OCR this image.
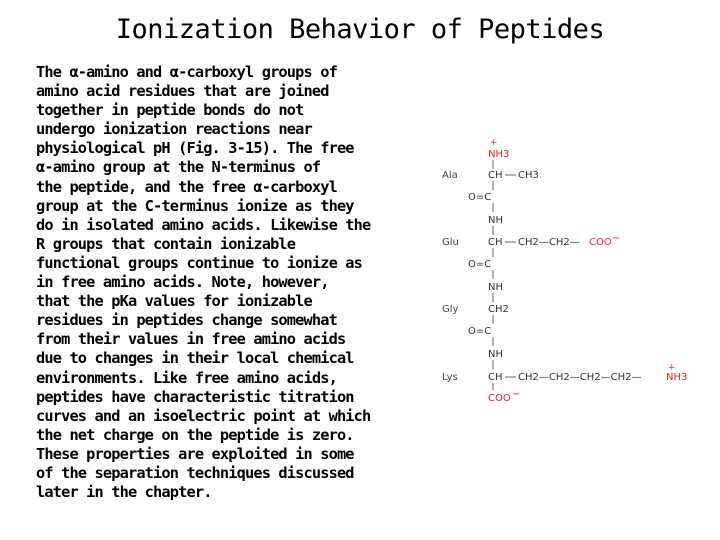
Ionization Behavior of Peptides
The α-amino and α-carboxyl groups of
amino acid residues that are joined
together in peptide bonds do not
undergo ionization reactions near
physiological pH (Fig. 3-15). The free
α-amino group at the N-terminus of
the peptide, and the free α-carboxyl
group at the C-terminus ionize as they
do in isolated amino acids. Likewise the
R groups that contain ionizable
functional groups continue to ionize as
in free amino acids. Note, however,
that the pKa values for ionizable
residues in peptides change somewhat
from their values in free amino acids
due to changes in their local chemical
environments. Like free amino acids,
peptides have characteristic titration
curves and an isoelectric point at which
the net charge on the peptide is zero.
These properties are exploited in some
of the separation techniques discussed
later in the chapter.
+
NH3
Ala	CH CH3
O=C
NH
Glu	CH CH2—CH2— COO −
O=C
NH
Gly	CH2
O=C
NH
Lys	CH CH2—CH2—CH2—CH2— NH3
+
COO −
